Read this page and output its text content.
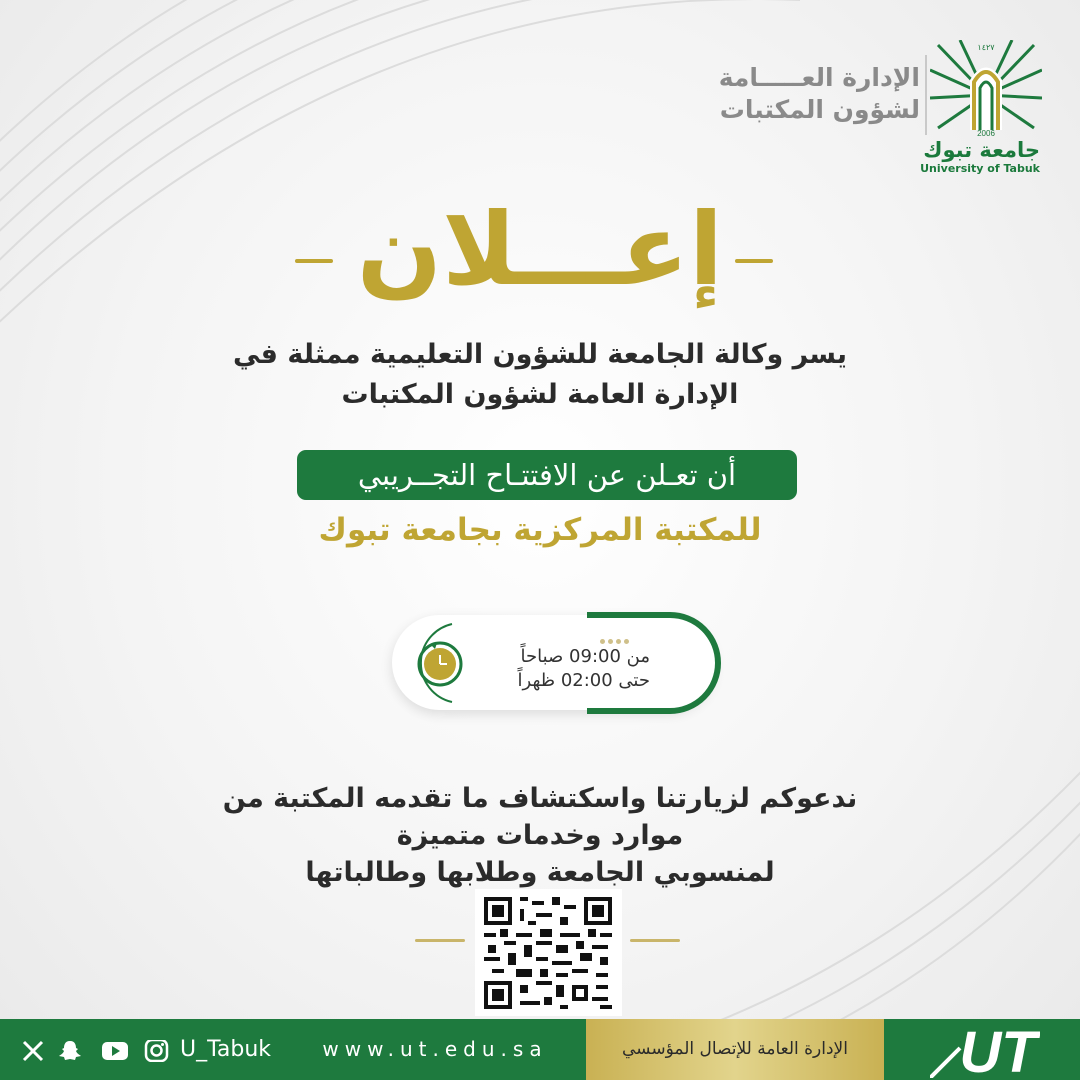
الإدارة العـــــامة
لشؤون المكتبات
2006
١٤٢٧
جامعة تبوك
University of Tabuk
إعـــلان
يسر وكالة الجامعة للشؤون التعليمية ممثلة في
الإدارة العامة لشؤون المكتبات
أن تعـلن عن الافتتـاح التجــريبي
للمكتبة المركزية بجامعة تبوك
من 09:00 صباحاً
حتى 02:00 ظهراً
ندعوكم لزيارتنا واسكتشاف ما تقدمه المكتبة من
موارد وخدمات متميزة
لمنسوبي الجامعة وطلابها وطالباتها
الإدارة العامة للإتصال المؤسسي
www.ut.edu.sa
U_Tabuk	UT
